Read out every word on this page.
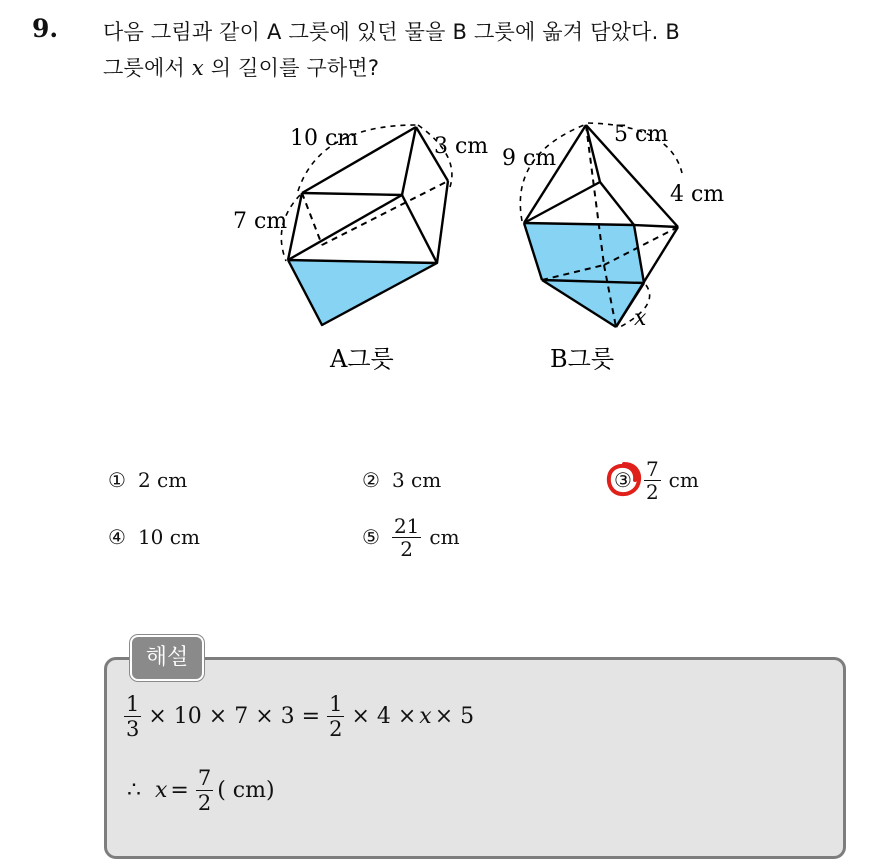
9. 다음 그림과 같이 A 그릇에 있던 물을 B 그릇에 옮겨 담았다. B
그릇에서 x 의 길이를 구하면?
10 cm	3 cm
7 cm
A그릇
9 cm
5 cm
4 cm
x
B그릇
① 2 cm	② 3 cm	③ $\frac{7}{2}$ cm
④ 10 cm	⑤ $\frac{21}{2}$ cm
해설
$\frac{1}{3} \times 10 \times 7 \times 3 = \frac{1}{2} \times 4 \times x \times 5$
∴ $x = \frac{7}{2}$ ( cm)
